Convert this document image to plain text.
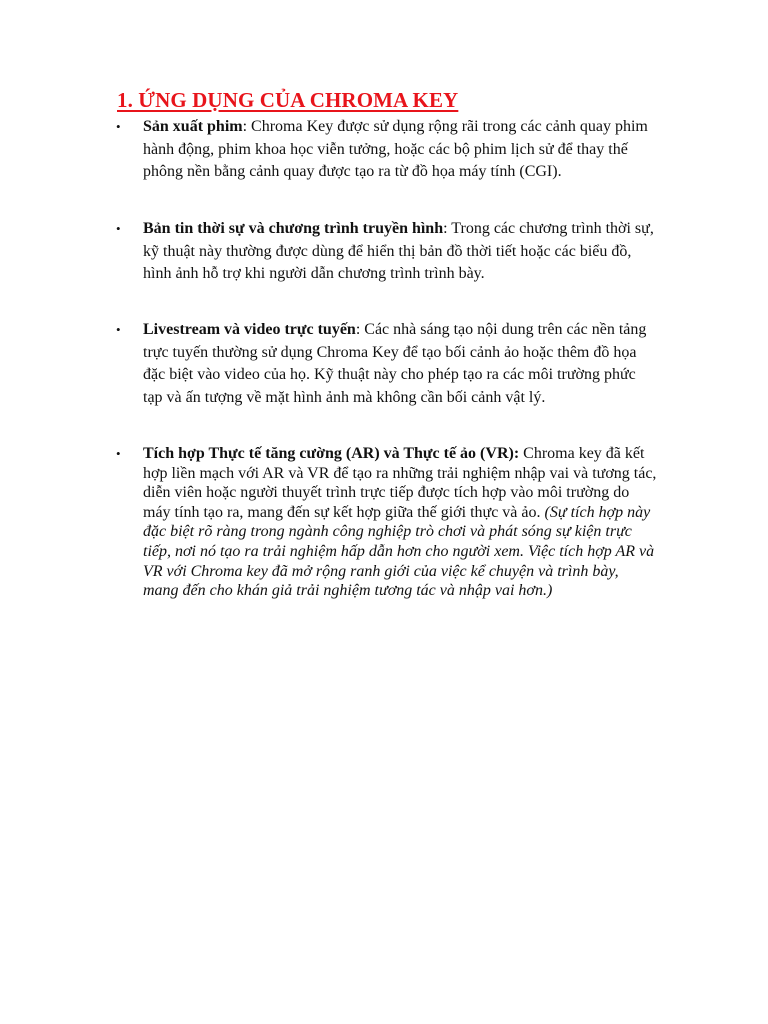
1. ỨNG DỤNG CỦA CHROMA KEY
• Sản xuất phim: Chroma Key được sử dụng rộng rãi trong các cảnh quay phim hành động, phim khoa học viễn tưởng, hoặc các bộ phim lịch sử để thay thế phông nền bằng cảnh quay được tạo ra từ đồ họa máy tính (CGI).
• Bản tin thời sự và chương trình truyền hình: Trong các chương trình thời sự, kỹ thuật này thường được dùng để hiển thị bản đồ thời tiết hoặc các biểu đồ, hình ảnh hỗ trợ khi người dẫn chương trình trình bày.
• Livestream và video trực tuyến: Các nhà sáng tạo nội dung trên các nền tảng trực tuyến thường sử dụng Chroma Key để tạo bối cảnh ảo hoặc thêm đồ họa đặc biệt vào video của họ. Kỹ thuật này cho phép tạo ra các môi trường phức tạp và ấn tượng về mặt hình ảnh mà không cần bối cảnh vật lý.
• Tích hợp Thực tế tăng cường (AR) và Thực tế ảo (VR): Chroma key đã kết hợp liền mạch với AR và VR để tạo ra những trải nghiệm nhập vai và tương tác, diễn viên hoặc người thuyết trình trực tiếp được tích hợp vào môi trường do máy tính tạo ra, mang đến sự kết hợp giữa thế giới thực và ảo. (Sự tích hợp này đặc biệt rõ ràng trong ngành công nghiệp trò chơi và phát sóng sự kiện trực tiếp, nơi nó tạo ra trải nghiệm hấp dẫn hơn cho người xem. Việc tích hợp AR và VR với Chroma key đã mở rộng ranh giới của việc kể chuyện và trình bày, mang đến cho khán giả trải nghiệm tương tác và nhập vai hơn.)
